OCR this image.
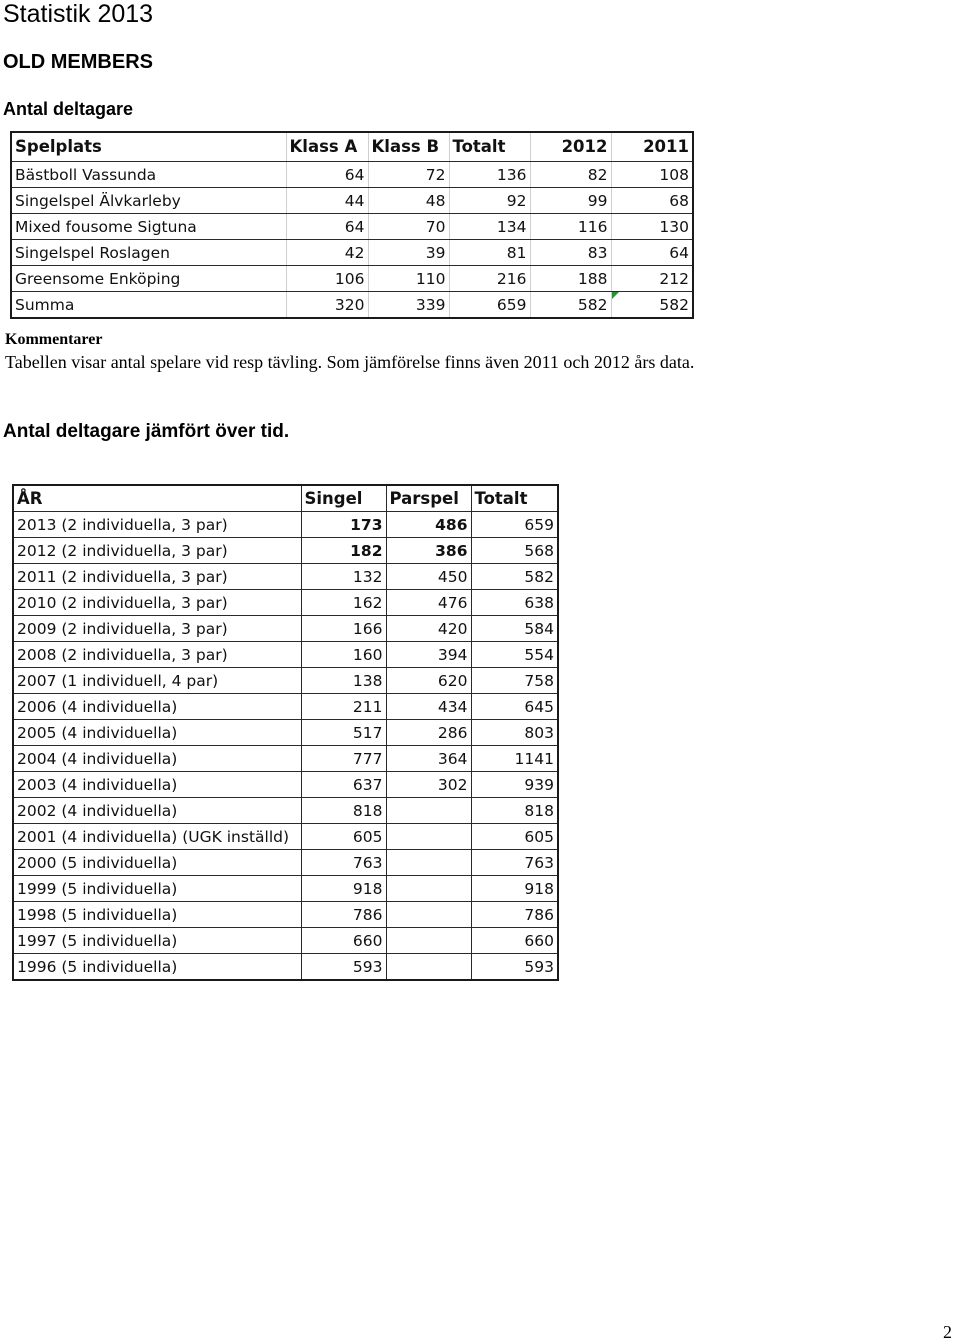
Statistik 2013
OLD MEMBERS
Antal deltagare
Spelplats	Klass A	Klass B	Totalt	2012	2011
Bästboll Vassunda	64	72	136	82	108
Singelspel Älvkarleby	44	48	92	99	68
Mixed fousome Sigtuna	64	70	134	116	130
Singelspel Roslagen	42	39	81	83	64
Greensome Enköping	106	110	216	188	212
Summa	320	339	659	582	582
Kommentarer
Tabellen visar antal spelare vid resp tävling. Som jämförelse finns även 2011 och 2012 års data.
Antal deltagare jämfört över tid.
ÅR	Singel	Parspel	Totalt
2013 (2 individuella, 3 par)	173	486	659
2012 (2 individuella, 3 par)	182	386	568
2011 (2 individuella, 3 par)	132	450	582
2010 (2 individuella, 3 par)	162	476	638
2009 (2 individuella, 3 par)	166	420	584
2008 (2 individuella, 3 par)	160	394	554
2007 (1 individuell, 4 par)	138	620	758
2006 (4 individuella)	211	434	645
2005 (4 individuella)	517	286	803
2004 (4 individuella)	777	364	1141
2003 (4 individuella)	637	302	939
2002 (4 individuella)	818		818
2001 (4 individuella) (UGK inställd)	605		605
2000 (5 individuella)	763		763
1999 (5 individuella)	918		918
1998 (5 individuella)	786		786
1997 (5 individuella)	660		660
1996 (5 individuella)	593		593
2
